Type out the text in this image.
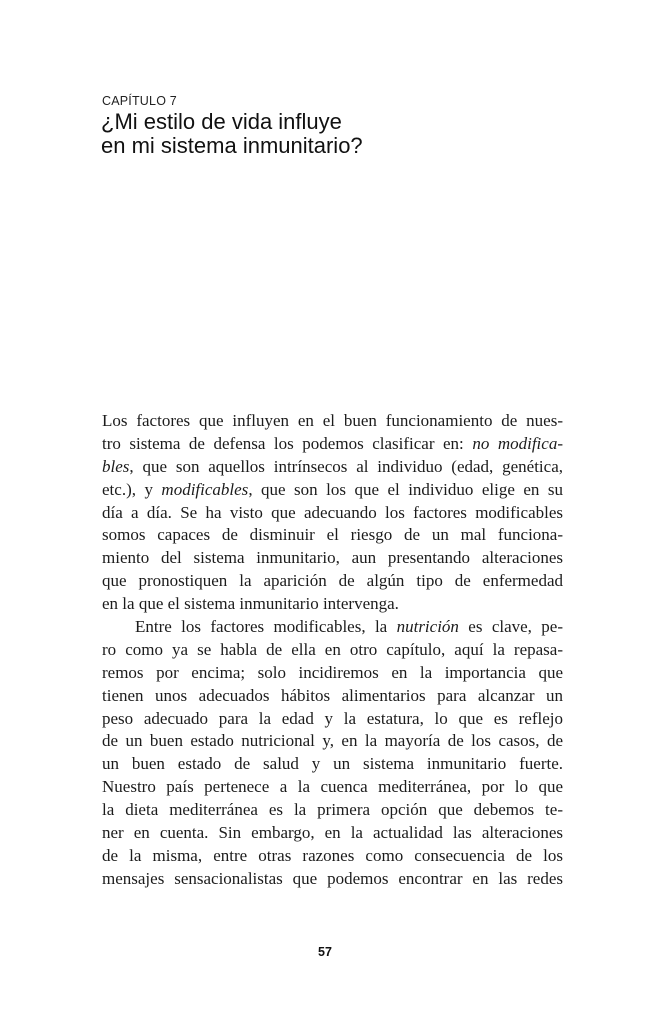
CAPÍTULO 7
¿Mi estilo de vida influye
en mi sistema inmunitario?
Los factores que influyen en el buen funcionamiento de nues-
tro sistema de defensa los podemos clasificar en: no modifica-
bles, que son aquellos intrínsecos al individuo (edad, genética,
etc.), y modificables, que son los que el individuo elige en su
día a día. Se ha visto que adecuando los factores modificables
somos capaces de disminuir el riesgo de un mal funciona-
miento del sistema inmunitario, aun presentando alteraciones
que pronostiquen la aparición de algún tipo de enfermedad
en la que el sistema inmunitario intervenga.
Entre los factores modificables, la nutrición es clave, pe-
ro como ya se habla de ella en otro capítulo, aquí la repasa-
remos por encima; solo incidiremos en la importancia que
tienen unos adecuados hábitos alimentarios para alcanzar un
peso adecuado para la edad y la estatura, lo que es reflejo
de un buen estado nutricional y, en la mayoría de los casos, de
un buen estado de salud y un sistema inmunitario fuerte.
Nuestro país pertenece a la cuenca mediterránea, por lo que
la dieta mediterránea es la primera opción que debemos te-
ner en cuenta. Sin embargo, en la actualidad las alteraciones
de la misma, entre otras razones como consecuencia de los
mensajes sensacionalistas que podemos encontrar en las redes
57
